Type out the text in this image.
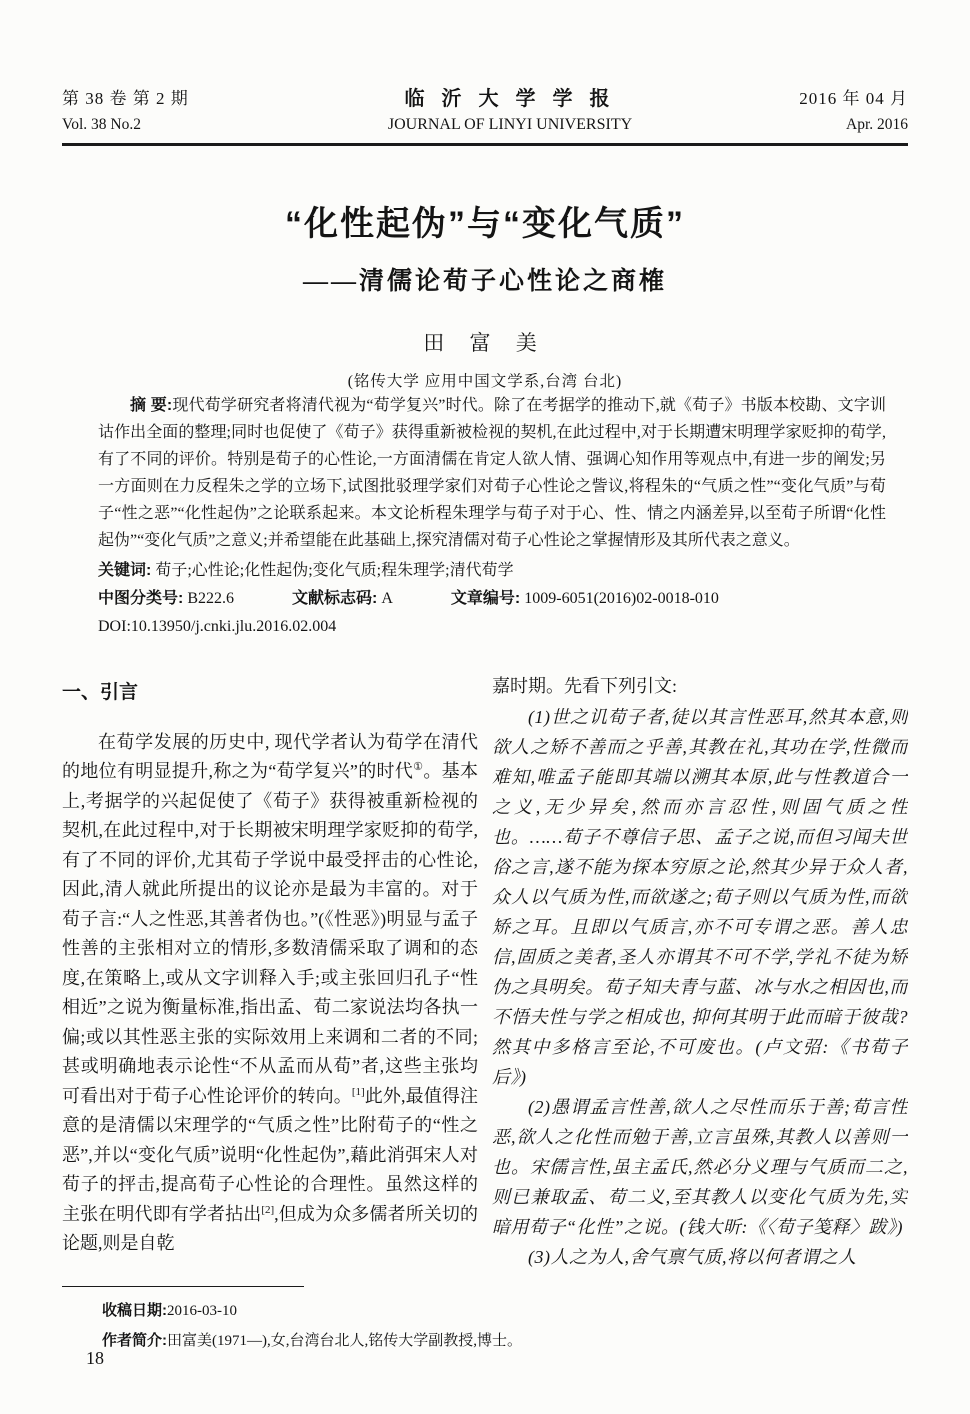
第 38 卷 第 2 期
Vol. 38 No.2
临 沂 大 学 学 报
JOURNAL OF LINYI UNIVERSITY
2016 年 04 月
Apr. 2016
“化性起伪”与“变化气质”
——清儒论荀子心性论之商榷
田 富 美
(铭传大学 应用中国文学系,台湾 台北)

摘 要:现代荀学研究者将清代视为“荀学复兴”时代。除了在考据学的推动下,就《荀子》书版本校勘、文字训诂作出全面的整理;同时也促使了《荀子》获得重新被检视的契机,在此过程中,对于长期遭宋明理学家贬抑的荀学,有了不同的评价。特别是荀子的心性论,一方面清儒在肯定人欲人情、强调心知作用等观点中,有进一步的阐发;另一方面则在力反程朱之学的立场下,试图批驳理学家们对荀子心性论之訾议,将程朱的“气质之性”“变化气质”与荀子“性之恶”“化性起伪”之论联系起来。本文论析程朱理学与荀子对于心、性、情之内涵差异,以至荀子所谓“化性起伪”“变化气质”之意义;并希望能在此基础上,探究清儒对荀子心性论之掌握情形及其所代表之意义。

关键词: 荀子;心性论;化性起伪;变化气质;程朱理学;清代荀学

中图分类号: B222.6	文献标志码: A	文章编号: 1009-6051(2016)02-0018-010

DOI:10.13950/j.cnki.jlu.2016.02.004

一、引言

在荀学发展的历史中, 现代学者认为荀学在清代的地位有明显提升,称之为“荀学复兴”的时代①。基本上,考据学的兴起促使了《荀子》获得被重新检视的契机,在此过程中,对于长期被宋明理学家贬抑的荀学,有了不同的评价,尤其荀子学说中最受抨击的心性论,因此,清人就此所提出的议论亦是最为丰富的。对于荀子言:“人之性恶,其善者伪也。”(《性恶》)明显与孟子性善的主张相对立的情形,多数清儒采取了调和的态度,在策略上,或从文字训释入手;或主张回归孔子“性相近”之说为衡量标准,指出孟、荀二家说法均各执一偏;或以其性恶主张的实际效用上来调和二者的不同;甚或明确地表示论性“不从孟而从荀”者,这些主张均可看出对于荀子心性论评价的转向。[1]此外,最值得注意的是清儒以宋理学的“气质之性”比附荀子的“性之恶”,并以“变化气质”说明“化性起伪”,藉此消弭宋人对荀子的抨击,提高荀子心性论的合理性。虽然这样的主张在明代即有学者拈出[2],但成为众多儒者所关切的论题,则是自乾

嘉时期。先看下列引文:

(1)世之讥荀子者,徒以其言性恶耳,然其本意,则欲人之矫不善而之乎善,其教在礼,其功在学,性微而难知,唯孟子能即其端以溯其本原,此与性教道合一之义,无少异矣,然而亦言忍性,则固气质之性也。……荀子不尊信子思、孟子之说,而但习闻夫世俗之言,遂不能为探本穷原之论,然其少异于众人者,众人以气质为性,而欲遂之;荀子则以气质为性,而欲矫之耳。且即以气质言,亦不可专谓之恶。善人忠信,固质之美者,圣人亦谓其不可不学,学礼不徒为矫伪之具明矣。荀子知夫青与蓝、冰与水之相因也,而不悟夫性与学之相成也, 抑何其明于此而暗于彼哉? 然其中多格言至论,不可废也。(卢文弨:《书荀子后》)

(2)愚谓孟言性善,欲人之尽性而乐于善;荀言性恶,欲人之化性而勉于善,立言虽殊,其教人以善则一也。宋儒言性,虽主孟氏,然必分义理与气质而二之,则已兼取孟、荀二义,至其教人以变化气质为先,实暗用荀子“化性”之说。(钱大昕:《〈荀子笺释〉跋》)

(3)人之为人,舍气禀气质,将以何者谓之人

收稿日期:2016-03-10

作者简介:田富美(1971—),女,台湾台北人,铭传大学副教授,博士。

18
